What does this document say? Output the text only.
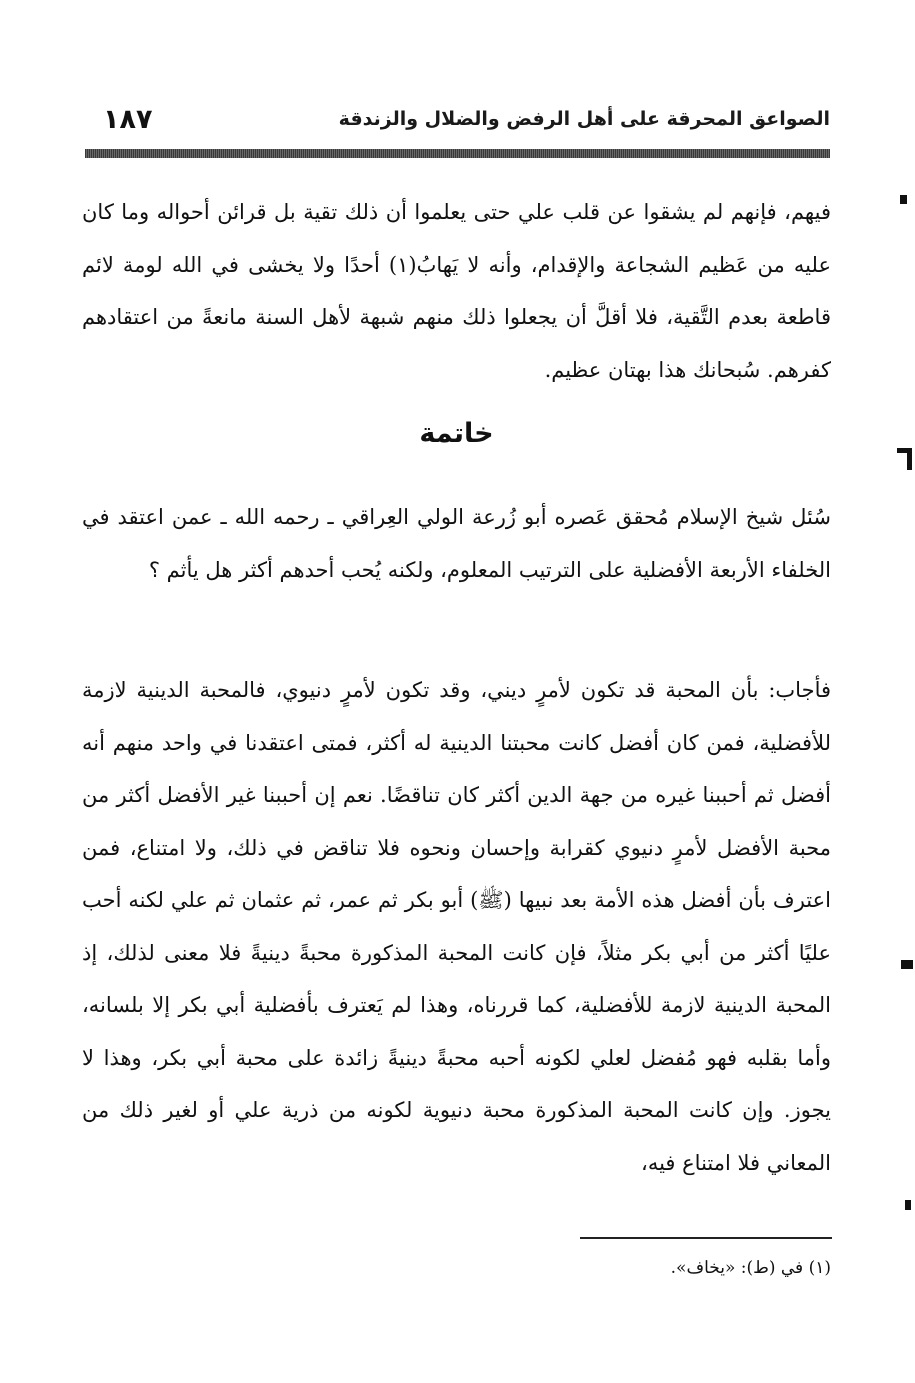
الصواعق المحرقة على أهل الرفض والضلال والزندقة
١٨٧

فيهم، فإنهم لم يشقوا عن قلب علي حتى يعلموا أن ذلك تقية بل قرائن أحواله وما كان عليه من عَظيم الشجاعة والإقدام، وأنه لا يَهابُ(١) أحدًا ولا يخشى في الله لومة لائم قاطعة بعدم التَّقية، فلا أقلَّ أن يجعلوا ذلك منهم شبهة لأهل السنة مانعةً من اعتقادهم كفرهم. سُبحانك هذا بهتان عظيم.

خاتمة

سُئل شيخ الإسلام مُحقق عَصره أبو زُرعة الولي العِراقي ـ رحمه الله ـ عمن اعتقد في الخلفاء الأربعة الأفضلية على الترتيب المعلوم، ولكنه يُحب أحدهم أكثر هل يأثم ؟

فأجاب: بأن المحبة قد تكون لأمرٍ ديني، وقد تكون لأمرٍ دنيوي، فالمحبة الدينية لازمة للأفضلية، فمن كان أفضل كانت محبتنا الدينية له أكثر، فمتى اعتقدنا في واحد منهم أنه أفضل ثم أحببنا غيره من جهة الدين أكثر كان تناقضًا. نعم إن أحببنا غير الأفضل أكثر من محبة الأفضل لأمرٍ دنيوي كقرابة وإحسان ونحوه فلا تناقض في ذلك، ولا امتناع، فمن اعترف بأن أفضل هذه الأمة بعد نبيها (ﷺ) أبو بكر ثم عمر، ثم عثمان ثم علي لكنه أحب عليًا أكثر من أبي بكر مثلاً، فإن كانت المحبة المذكورة محبةً دينيةً فلا معنى لذلك، إذ المحبة الدينية لازمة للأفضلية، كما قررناه، وهذا لم يَعترف بأفضلية أبي بكر إلا بلسانه، وأما بقلبه فهو مُفضل لعلي لكونه أحبه محبةً دينيةً زائدة على محبة أبي بكر، وهذا لا يجوز. وإن كانت المحبة المذكورة محبة دنيوية لكونه من ذرية علي أو لغير ذلك من المعاني فلا امتناع فيه،

(١) في (ط): «يخاف».
